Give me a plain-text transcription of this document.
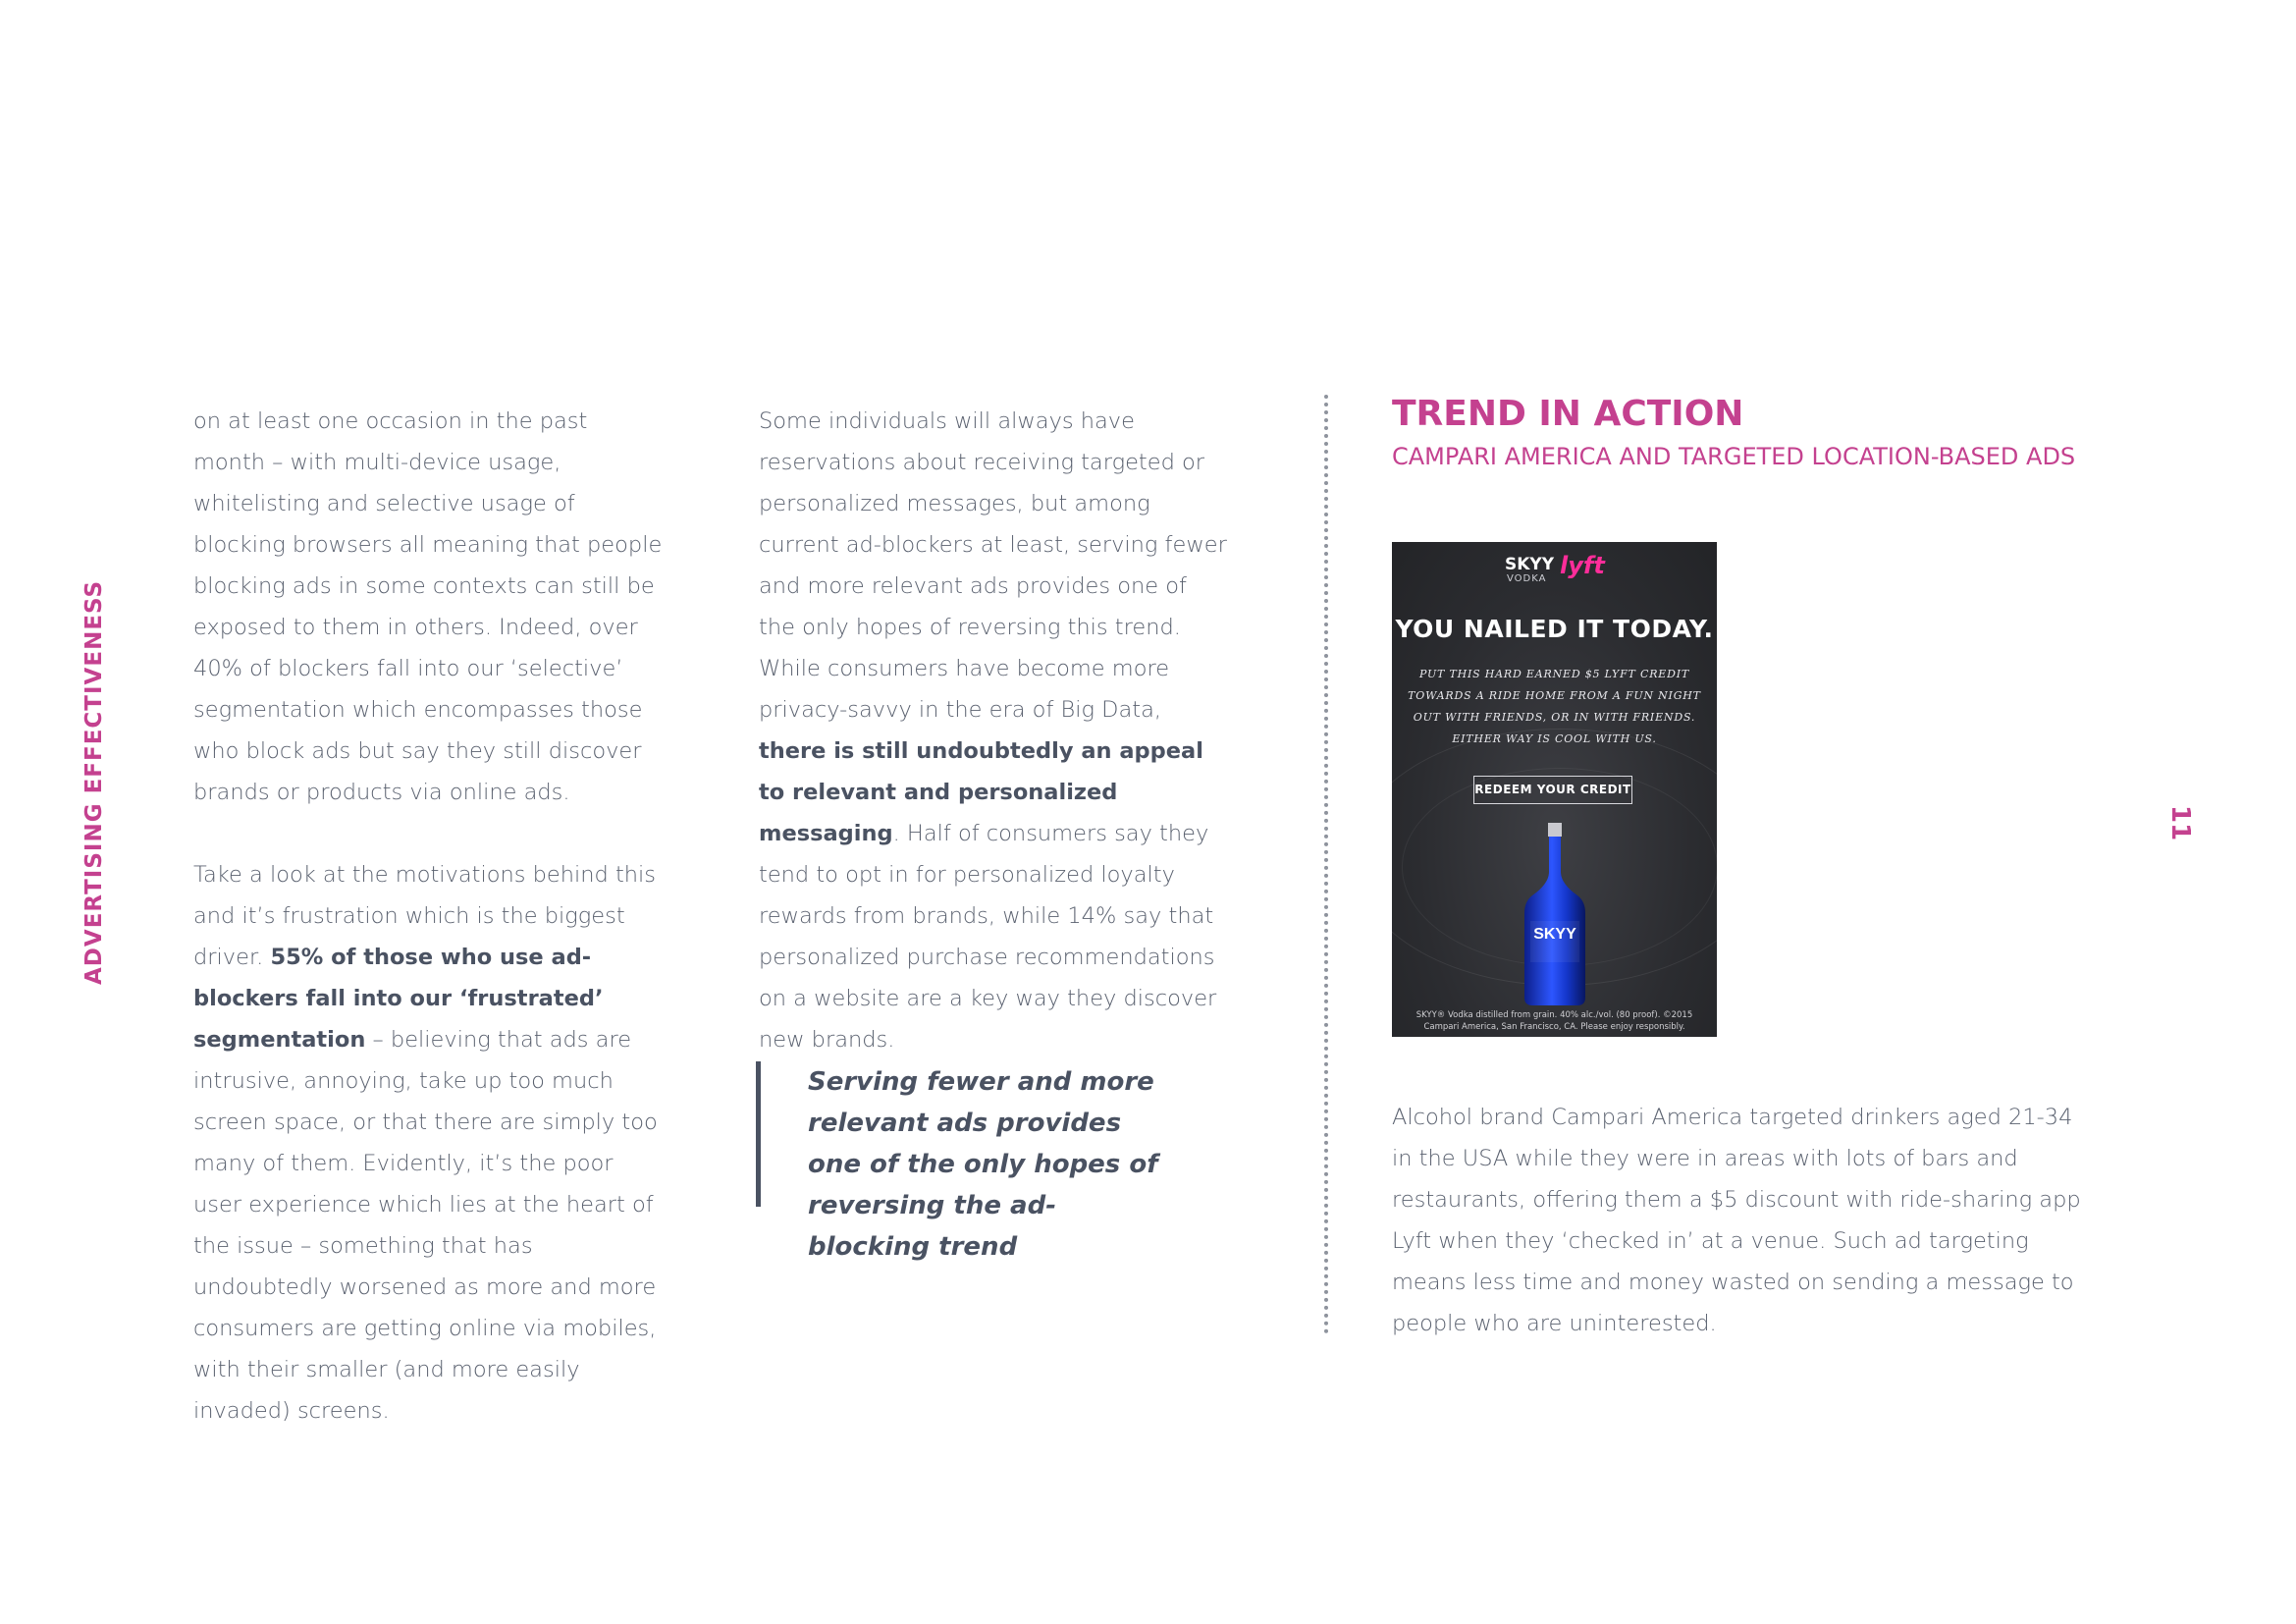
ADVERTISING EFFECTIVENESS	11

on at least one occasion in the past month – with multi-device usage, whitelisting and selective usage of blocking browsers all meaning that people blocking ads in some contexts can still be exposed to them in others. Indeed, over 40% of blockers fall into our ‘selective’ segmentation which encompasses those who block ads but say they still discover brands or products via online ads.

Take a look at the motivations behind this and it’s frustration which is the biggest driver. 55% of those who use ad-blockers fall into our ‘frustrated’ segmentation – believing that ads are intrusive, annoying, take up too much screen space, or that there are simply too many of them. Evidently, it’s the poor user experience which lies at the heart of the issue – something that has undoubtedly worsened as more and more consumers are getting online via mobiles, with their smaller (and more easily invaded) screens.

Some individuals will always have reservations about receiving targeted or personalized messages, but among current ad-blockers at least, serving fewer and more relevant ads provides one of the only hopes of reversing this trend. While consumers have become more privacy-savvy in the era of Big Data, there is still undoubtedly an appeal to relevant and personalized messaging. Half of consumers say they tend to opt in for personalized loyalty rewards from brands, while 14% say that personalized purchase recommendations on a website are a key way they discover new brands.

Serving fewer and more relevant ads provides one of the only hopes of reversing the ad-blocking trend

TREND IN ACTION
CAMPARI AMERICA AND TARGETED LOCATION-BASED ADS
SKYY
VODKA lyft
YOU NAILED IT TODAY.
PUT THIS HARD EARNED $5 LYFT CREDIT TOWARDS A RIDE HOME FROM A FUN NIGHT OUT WITH FRIENDS, OR IN WITH FRIENDS. EITHER WAY IS COOL WITH US.
REDEEM YOUR CREDIT
SKYY
SKYY® Vodka distilled from grain. 40% alc./vol. (80 proof). ©2015
Campari America, San Francisco, CA. Please enjoy responsibly.

Alcohol brand Campari America targeted drinkers aged 21-34 in the USA while they were in areas with lots of bars and restaurants, offering them a $5 discount with ride-sharing app Lyft when they ‘checked in’ at a venue. Such ad targeting means less time and money wasted on sending a message to people who are uninterested.
